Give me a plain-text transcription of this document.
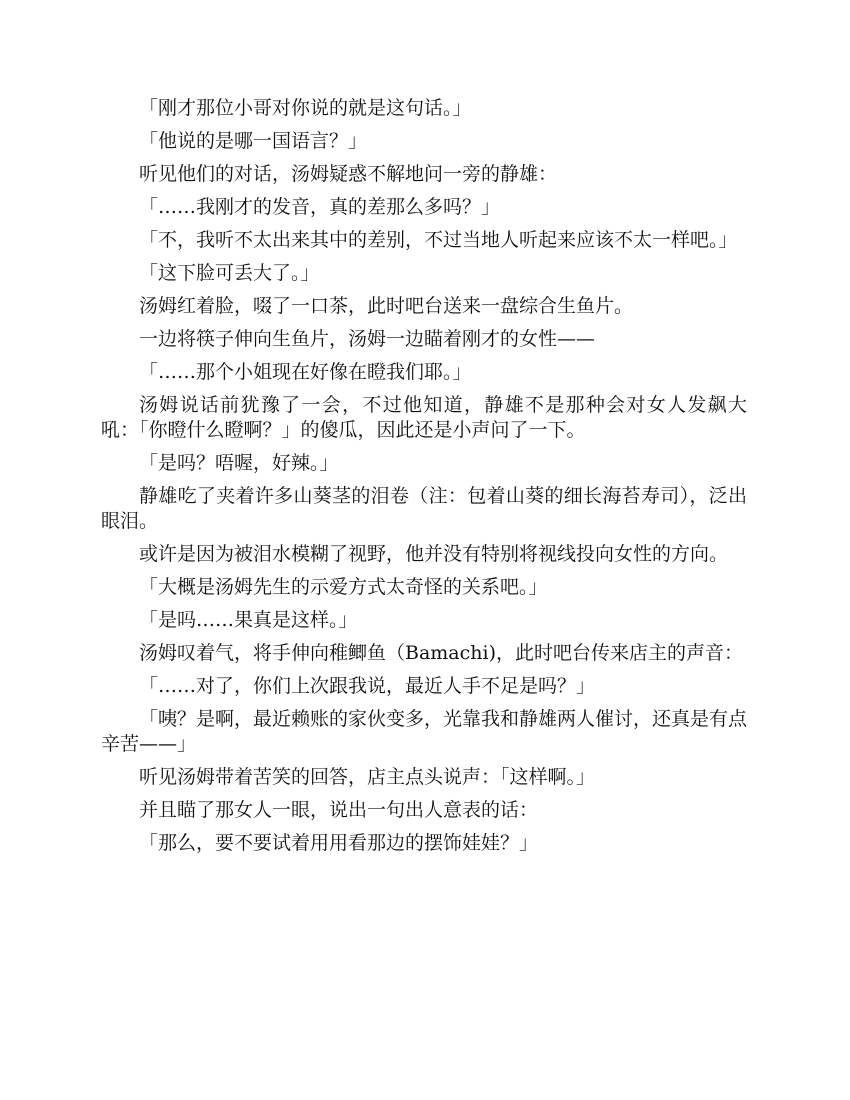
「刚才那位小哥对你说的就是这句话。」

「他说的是哪一国语言？」

听见他们的对话，汤姆疑惑不解地问一旁的静雄：

「……我刚才的发音，真的差那么多吗？」

「不，我听不太出来其中的差别，不过当地人听起来应该不太一样吧。」

「这下脸可丢大了。」

汤姆红着脸，啜了一口茶，此时吧台送来一盘综合生鱼片。

一边将筷子伸向生鱼片，汤姆一边瞄着刚才的女性——

「……那个小姐现在好像在瞪我们耶。」

汤姆说话前犹豫了一会，不过他知道，静雄不是那种会对女人发飙大吼：「你瞪什么瞪啊？」的傻瓜，因此还是小声问了一下。

「是吗？唔喔，好辣。」

静雄吃了夹着许多山葵茎的泪卷（注：包着山葵的细长海苔寿司），泛出眼泪。

或许是因为被泪水模糊了视野，他并没有特别将视线投向女性的方向。

「大概是汤姆先生的示爱方式太奇怪的关系吧。」

「是吗……果真是这样。」

汤姆叹着气，将手伸向稚鲫鱼（Bamachi)，此时吧台传来店主的声音：

「……对了，你们上次跟我说，最近人手不足是吗？」

「咦？是啊，最近赖账的家伙变多，光靠我和静雄两人催讨，还真是有点辛苦——」

听见汤姆带着苦笑的回答，店主点头说声：「这样啊。」

并且瞄了那女人一眼，说出一句出人意表的话：

「那么，要不要试着用用看那边的摆饰娃娃？」
